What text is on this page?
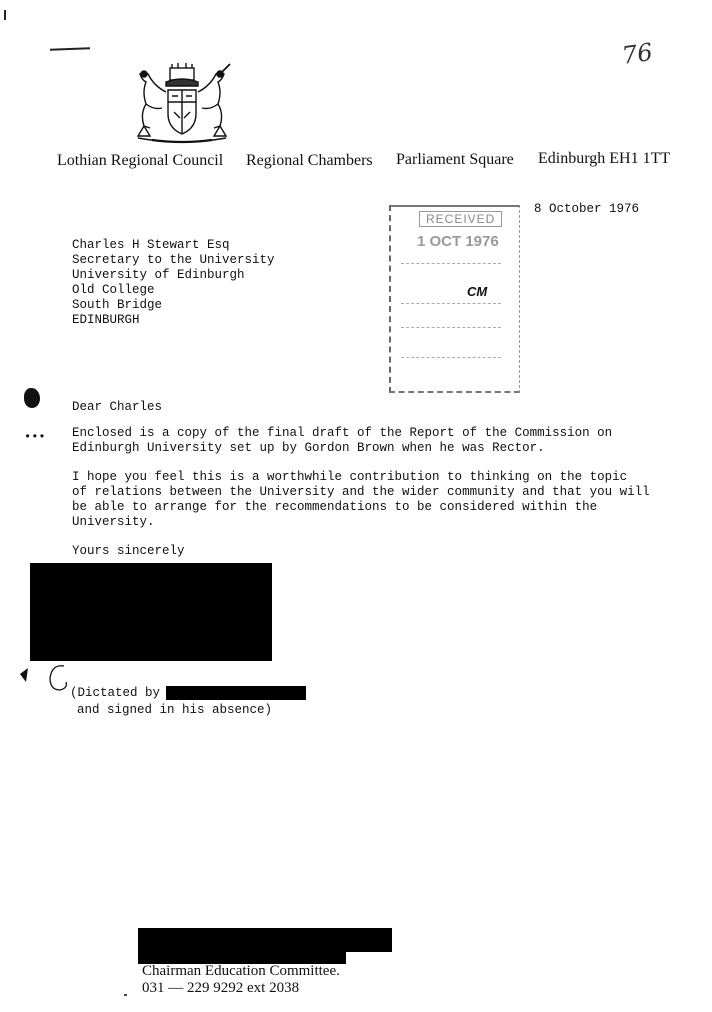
76
Lothian Regional Council Regional Chambers Parliament Square Edinburgh EH1 1TT
8 October 1976
RECEIVED
1 OCT 1976
CM
Charles H Stewart Esq
Secretary to the University
University of Edinburgh
Old College
South Bridge
EDINBURGH
•••
Dear Charles
Enclosed is a copy of the final draft of the Report of the Commission on
Edinburgh University set up by Gordon Brown when he was Rector.
I hope you feel this is a worthwhile contribution to thinking on the topic
of relations between the University and the wider community and that you will
be able to arrange for the recommendations to be considered within the
University.
Yours sincerely
(Dictated by
and signed in his absence)
Chairman Education Committee.
031 — 229 9292 ext 2038
